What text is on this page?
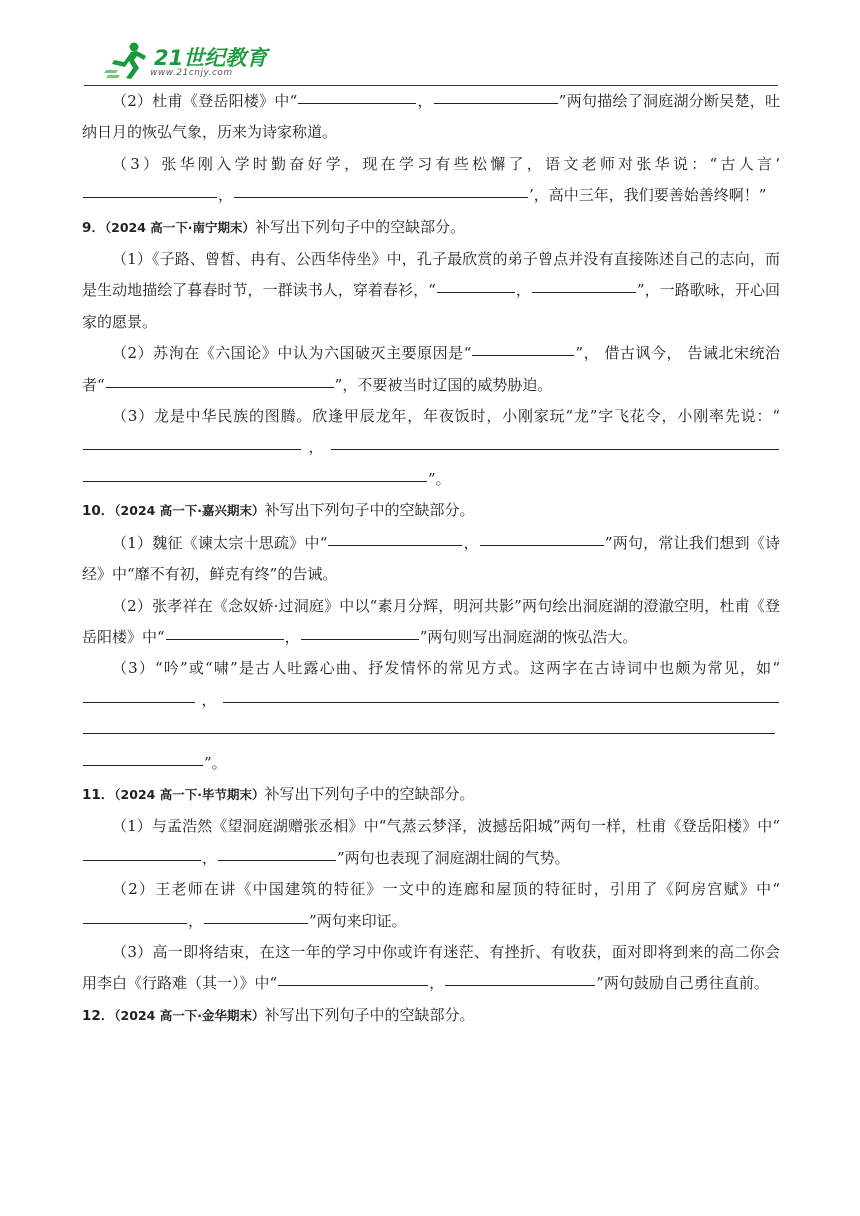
21世纪教育
www.21cnjy.com

（2）杜甫《登岳阳楼》中“	，	”两句描绘了洞庭湖分断吴楚，吐纳日月的恢弘气象，历来为诗家称道。

（3）张华刚入学时勤奋好学，现在学习有些松懈了，语文老师对张华说：“古人言‘，	’，高中三年，我们要善始善终啊！”

9．（2024 高一下·南宁期末）补写出下列句子中的空缺部分。

（1）《子路、曾皙、冉有、公西华侍坐》中，孔子最欣赏的弟子曾点并没有直接陈述自己的志向，而是生动地描绘了暮春时节，一群读书人，穿着春衫，“	，	”，一路歌咏，开心回家的愿景。

（2）苏洵在《六国论》中认为六国破灭主要原因是“	”， 借古讽今， 告诫北宋统治者“	”，不要被当时辽国的威势胁迫。

（3）龙是中华民族的图腾。欣逢甲辰龙年，年夜饭时，小刚家玩“龙”字飞花令，小刚率先说：“，”。

10．（2024 高一下·嘉兴期末）补写出下列句子中的空缺部分。

（1）魏征《谏太宗十思疏》中“	，	”两句，常让我们想到《诗经》中“靡不有初，鲜克有终”的告诫。

（2）张孝祥在《念奴娇·过洞庭》中以“素月分辉，明河共影”两句绘出洞庭湖的澄澈空明，杜甫《登岳阳楼》中“	，	”两句则写出洞庭湖的恢弘浩大。

（3）“吟”或“啸”是古人吐露心曲、抒发情怀的常见方式。这两字在古诗词中也颇为常见，如“，”。

11．（2024 高一下·毕节期末）补写出下列句子中的空缺部分。

（1）与孟浩然《望洞庭湖赠张丞相》中“气蒸云梦泽，波撼岳阳城”两句一样，杜甫《登岳阳楼》中“，	”两句也表现了洞庭湖壮阔的气势。

（2）王老师在讲《中国建筑的特征》一文中的连廊和屋顶的特征时，引用了《阿房宫赋》中“，	”两句来印证。

（3）高一即将结束，在这一年的学习中你或许有迷茫、有挫折、有收获，面对即将到来的高二你会用李白《行路难（其一）》中“	，	”两句鼓励自己勇往直前。

12．（2024 高一下·金华期末）补写出下列句子中的空缺部分。
